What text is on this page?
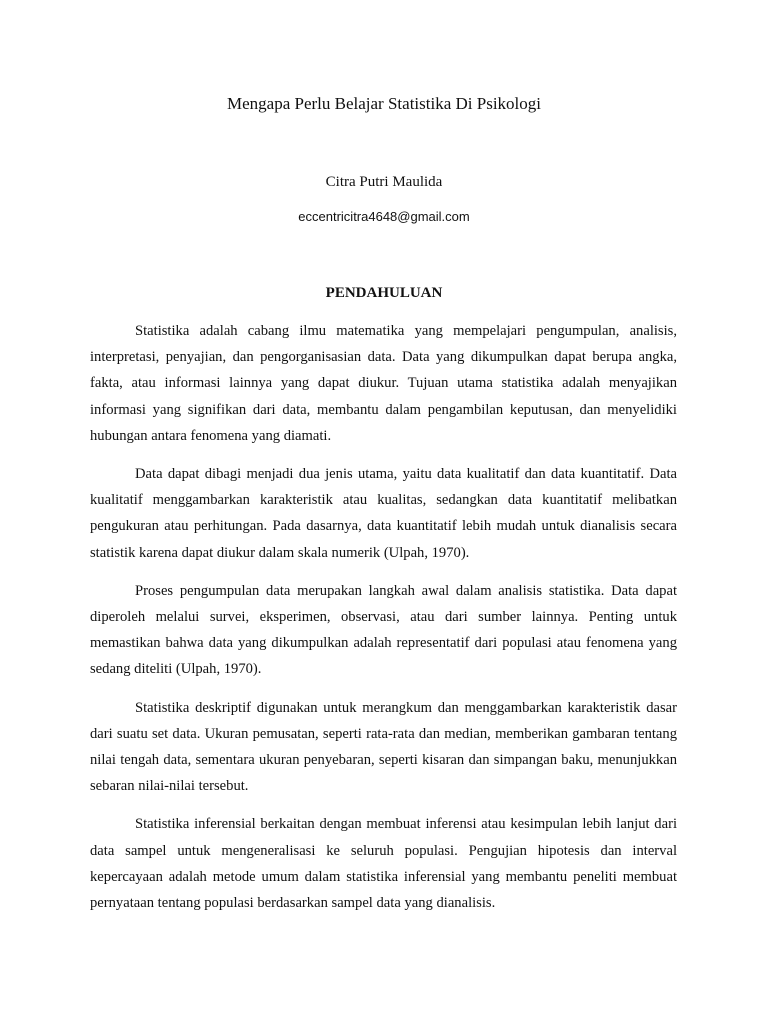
Mengapa Perlu Belajar Statistika Di Psikologi
Citra Putri Maulida
eccentricitra4648@gmail.com
PENDAHULUAN

Statistika adalah cabang ilmu matematika yang mempelajari pengumpulan, analisis, interpretasi, penyajian, dan pengorganisasian data. Data yang dikumpulkan dapat berupa angka, fakta, atau informasi lainnya yang dapat diukur. Tujuan utama statistika adalah menyajikan informasi yang signifikan dari data, membantu dalam pengambilan keputusan, dan menyelidiki hubungan antara fenomena yang diamati.

Data dapat dibagi menjadi dua jenis utama, yaitu data kualitatif dan data kuantitatif. Data kualitatif menggambarkan karakteristik atau kualitas, sedangkan data kuantitatif melibatkan pengukuran atau perhitungan. Pada dasarnya, data kuantitatif lebih mudah untuk dianalisis secara statistik karena dapat diukur dalam skala numerik (Ulpah, 1970).

Proses pengumpulan data merupakan langkah awal dalam analisis statistika. Data dapat diperoleh melalui survei, eksperimen, observasi, atau dari sumber lainnya. Penting untuk memastikan bahwa data yang dikumpulkan adalah representatif dari populasi atau fenomena yang sedang diteliti (Ulpah, 1970).

Statistika deskriptif digunakan untuk merangkum dan menggambarkan karakteristik dasar dari suatu set data. Ukuran pemusatan, seperti rata-rata dan median, memberikan gambaran tentang nilai tengah data, sementara ukuran penyebaran, seperti kisaran dan simpangan baku, menunjukkan sebaran nilai-nilai tersebut.

Statistika inferensial berkaitan dengan membuat inferensi atau kesimpulan lebih lanjut dari data sampel untuk mengeneralisasi ke seluruh populasi. Pengujian hipotesis dan interval kepercayaan adalah metode umum dalam statistika inferensial yang membantu peneliti membuat pernyataan tentang populasi berdasarkan sampel data yang dianalisis.
